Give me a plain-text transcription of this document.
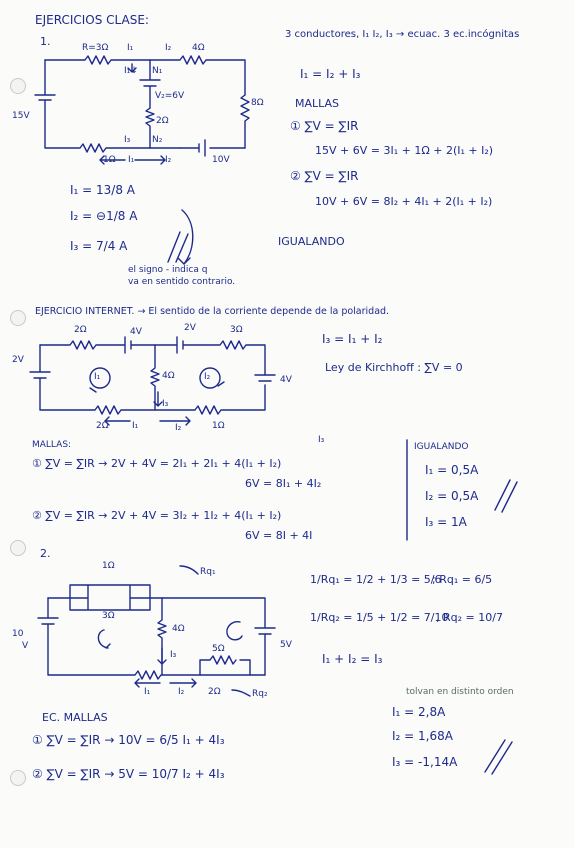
EJERCICIOS CLASE:
1.	R=3Ω I₁	I₂ 4Ω
I₁↓ N₁
V₂=6V
2Ω
8Ω
15V
I₃ N₂
1Ω I₁	I₂	10V
3 conductores, I₁ I₂, I₃ → ecuac. 3 ec.incógnitas
I₁ = I₂ + I₃
MALLAS
① ∑V = ∑IR
15V + 6V = 3I₁ + 1Ω + 2(I₁ + I₂)
② ∑V = ∑IR
10V + 6V = 8I₂ + 4I₁ + 2(I₁ + I₂)
IGUALANDO
I₁ = 13/8 A
I₂ = ⊖1/8 A
I₃ = 7/4 A
el signo - indica q
va en sentido contrario.
EJERCICIO INTERNET. → El sentido de la corriente depende de la polaridad.
2Ω	4V	2V	3Ω
2V
I₁	4Ω	I₂	4V
I₃
2Ω	I₁	I₂	1Ω
I₃ = I₁ + I₂
Ley de Kirchhoff : ∑V = 0
MALLAS:	I₃
① ∑V = ∑IR → 2V + 4V = 2I₁ + 2I₁ + 4(I₁ + I₂)
6V = 8I₁ + 4I₂
② ∑V = ∑IR → 2V + 4V = 3I₂ + 1I₂ + 4(I₁ + I₂)
6V = 8I + 4I
IGUALANDO
I₁ = 0,5A
I₂ = 0,5A
I₃ = 1A
2.
1Ω
Rq₁
3Ω
4Ω
10
V	5Ω	5V
I₃
I₁	I₂	2Ω	Rq₂
1/Rq₁ = 1/2 + 1/3 = 5/6
; Rq₁ = 6/5
1/Rq₂ = 1/5 + 1/2 = 7/10
, Rq₂ = 10/7
I₁ + I₂ = I₃
tolvan en distinto orden
I₁ = 2,8A
I₂ = 1,68A
I₃ = -1,14A
EC. MALLAS
① ∑V = ∑IR → 10V = 6/5 I₁ + 4I₃
② ∑V = ∑IR → 5V = 10/7 I₂ + 4I₃
